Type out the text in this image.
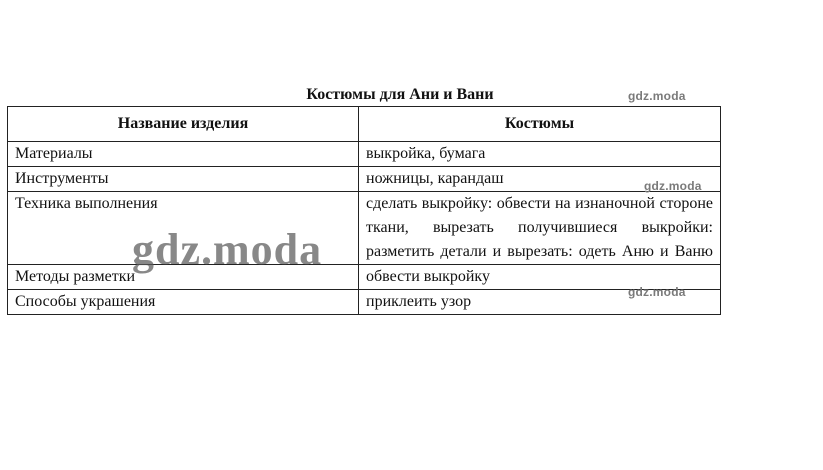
Костюмы для Ани и Вани
Название изделия	Костюмы
Материалы	выкройка, бумага
Инструменты	ножницы, карандаш
Техника выполнения	сделать выкройку: обвести на изнаночной стороне ткани, вырезать получившиеся выкройки: разметить детали и вырезать: одеть Аню и Ваню
Методы разметки	обвести выкройку
Способы украшения	приклеить узор
gdz.moda
gdz.moda
gdz.moda
gdz.moda
